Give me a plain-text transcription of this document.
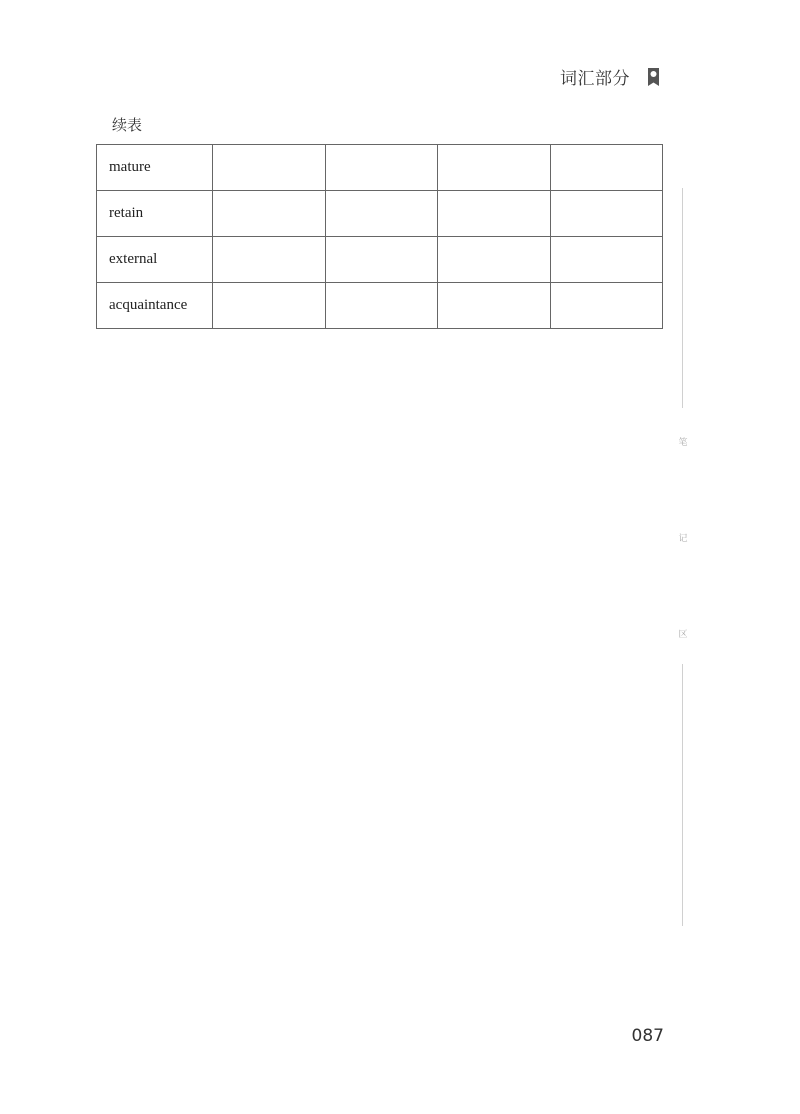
词汇部分
续表
mature				
retain				
external				
acquaintance				
笔
记
区
087
